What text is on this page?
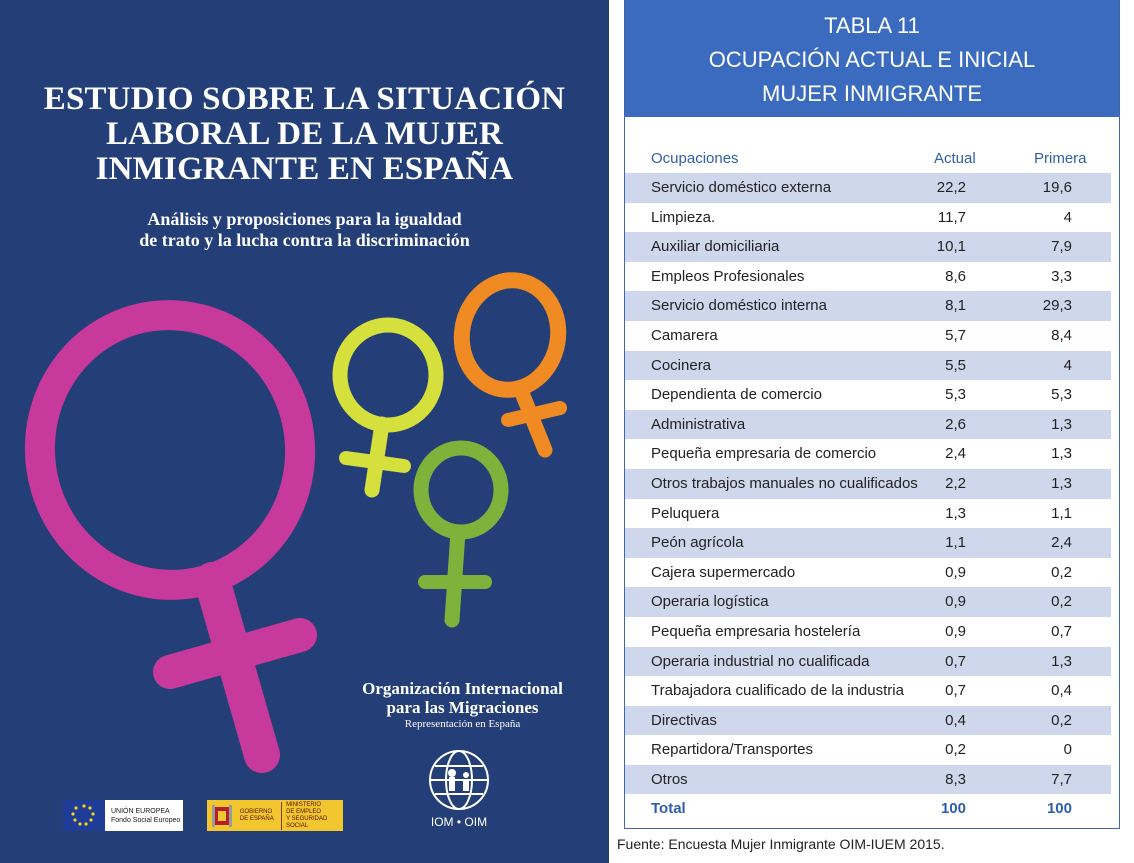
ESTUDIO SOBRE LA SITUACIÓN
LABORAL DE LA MUJER
INMIGRANTE EN ESPAÑA
Análisis y proposiciones para la igualdad
de trato y la lucha contra la discriminación
Organización Internacional
para las Migraciones
Representación en España
IOM • OIM
UNIÓN EUROPEA
Fondo Social Europeo
GOBIERNO
DE ESPAÑA
MINISTERIO
DE EMPLEO
Y SEGURIDAD SOCIAL
TABLA 11
OCUPACIÓN ACTUAL E INICIAL
MUJER INMIGRANTE
Ocupaciones	Actual	Primera
Servicio doméstico externa	22,2	19,6
Limpieza.	11,7	4
Auxiliar domiciliaria	10,1	7,9
Empleos Profesionales	8,6	3,3
Servicio doméstico interna	8,1	29,3
Camarera	5,7	8,4
Cocinera	5,5	4
Dependienta de comercio	5,3	5,3
Administrativa	2,6	1,3
Pequeña empresaria de comercio	2,4	1,3
Otros trabajos manuales no cualificados 2,2	1,3
Peluquera	1,3	1,1
Peón agrícola	1,1	2,4
Cajera supermercado	0,9	0,2
Operaria logística	0,9	0,2
Pequeña empresaria hostelería	0,9	0,7
Operaria industrial no cualificada	0,7	1,3
Trabajadora cualificado de la industria	0,7	0,4
Directivas	0,4	0,2
Repartidora/Transportes	0,2	0
Otros	8,3	7,7
Total	100	100
Fuente: Encuesta Mujer Inmigrante OIM-IUEM 2015.
